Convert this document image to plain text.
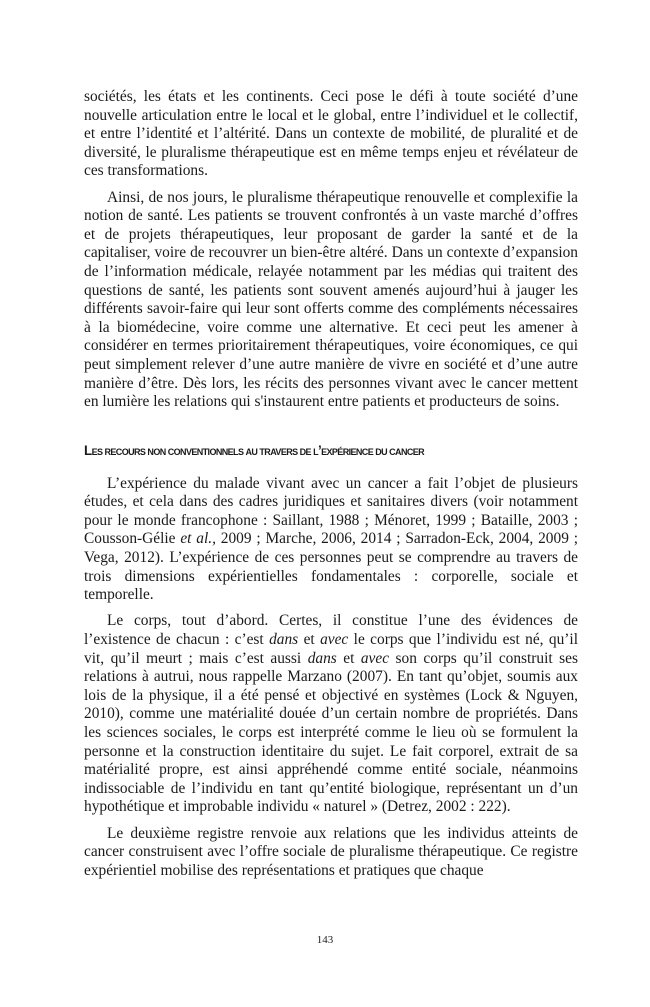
sociétés, les états et les continents. Ceci pose le défi à toute société d’une nouvelle articulation entre le local et le global, entre l’individuel et le collectif, et entre l’identité et l’altérité. Dans un contexte de mobilité, de pluralité et de diversité, le pluralisme thérapeutique est en même temps enjeu et révélateur de ces transformations.

Ainsi, de nos jours, le pluralisme thérapeutique renouvelle et complexifie la notion de santé. Les patients se trouvent confrontés à un vaste marché d’offres et de projets thérapeutiques, leur proposant de garder la santé et de la capitaliser, voire de recouvrer un bien-être altéré. Dans un contexte d’expansion de l’information médicale, relayée notamment par les médias qui traitent des questions de santé, les patients sont souvent amenés aujourd’hui à jauger les différents savoir-faire qui leur sont offerts comme des compléments nécessaires à la biomédecine, voire comme une alternative. Et ceci peut les amener à considérer en termes prioritairement thérapeutiques, voire économiques, ce qui peut simplement relever d’une autre manière de vivre en société et d’une autre manière d’être. Dès lors, les récits des personnes vivant avec le cancer mettent en lumière les relations qui s'instaurent entre patients et producteurs de soins.

Les recours non conventionnels au travers de l’expérience du cancer

L’expérience du malade vivant avec un cancer a fait l’objet de plusieurs études, et cela dans des cadres juridiques et sanitaires divers (voir notamment pour le monde francophone : Saillant, 1988 ; Ménoret, 1999 ; Bataille, 2003 ; Cousson-Gélie et al., 2009 ; Marche, 2006, 2014 ; Sarradon-Eck, 2004, 2009 ; Vega, 2012). L’expérience de ces personnes peut se comprendre au travers de trois dimensions expérientielles fondamentales : corporelle, sociale et temporelle.

Le corps, tout d’abord. Certes, il constitue l’une des évidences de l’existence de chacun : c’est dans et avec le corps que l’individu est né, qu’il vit, qu’il meurt ; mais c’est aussi dans et avec son corps qu’il construit ses relations à autrui, nous rappelle Marzano (2007). En tant qu’objet, soumis aux lois de la physique, il a été pensé et objectivé en systèmes (Lock & Nguyen, 2010), comme une matérialité douée d’un certain nombre de propriétés. Dans les sciences sociales, le corps est interprété comme le lieu où se formulent la personne et la construction identitaire du sujet. Le fait corporel, extrait de sa matérialité propre, est ainsi appréhendé comme entité sociale, néanmoins indissociable de l’individu en tant qu’entité biologique, représentant un d’un hypothétique et improbable individu « naturel » (Detrez, 2002 : 222).

Le deuxième registre renvoie aux relations que les individus atteints de cancer construisent avec l’offre sociale de pluralisme thérapeutique. Ce registre expérientiel mobilise des représentations et pratiques que chaque

143
